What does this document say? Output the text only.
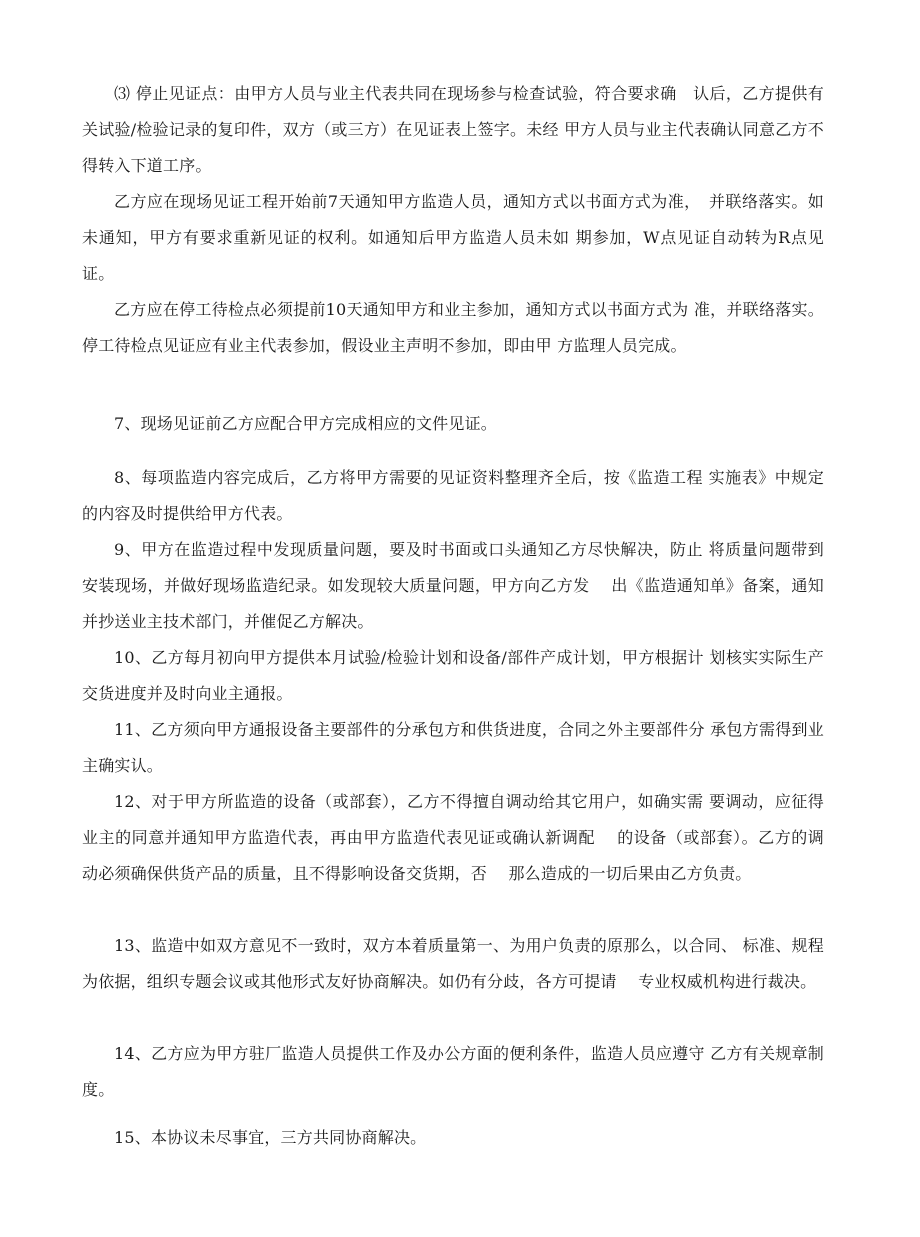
⑶ 停止见证点：由甲方人员与业主代表共同在现场参与检查试验，符合要求确　认后，乙方提供有关试验/检验记录的复印件，双方（或三方）在见证表上签字。未经 甲方人员与业主代表确认同意乙方不得转入下道工序。

乙方应在现场见证工程开始前7天通知甲方监造人员，通知方式以书面方式为准，　并联络落实。如未通知，甲方有要求重新见证的权利。如通知后甲方监造人员未如 期参加，W点见证自动转为R点见证。

乙方应在停工待检点必须提前10天通知甲方和业主参加，通知方式以书面方式为 准，并联络落实。停工待检点见证应有业主代表参加，假设业主声明不参加，即由甲 方监理人员完成。

7、现场见证前乙方应配合甲方完成相应的文件见证。

8、每项监造内容完成后，乙方将甲方需要的见证资料整理齐全后，按《监造工程 实施表》中规定的内容及时提供给甲方代表。

9、甲方在监造过程中发现质量问题，要及时书面或口头通知乙方尽快解决，防止 将质量问题带到安装现场，并做好现场监造纪录。如发现较大质量问题，甲方向乙方发　 出《监造通知单》备案，通知并抄送业主技术部门，并催促乙方解决。

10、乙方每月初向甲方提供本月试验/检验计划和设备/部件产成计划，甲方根据计 划核实实际生产交货进度并及时向业主通报。

11、乙方须向甲方通报设备主要部件的分承包方和供货进度，合同之外主要部件分 承包方需得到业主确实认。

12、对于甲方所监造的设备（或部套），乙方不得擅自调动给其它用户，如确实需 要调动，应征得业主的同意并通知甲方监造代表，再由甲方监造代表见证或确认新调配　 的设备（或部套）。乙方的调动必须确保供货产品的质量，且不得影响设备交货期，否　 那么造成的一切后果由乙方负责。

13、监造中如双方意见不一致时，双方本着质量第一、为用户负责的原那么，以合同、 标准、规程为依据，组织专题会议或其他形式友好协商解决。如仍有分歧，各方可提请　 专业权威机构进行裁决。

14、乙方应为甲方驻厂监造人员提供工作及办公方面的便利条件，监造人员应遵守 乙方有关规章制度。

15、本协议未尽事宜，三方共同协商解决。
